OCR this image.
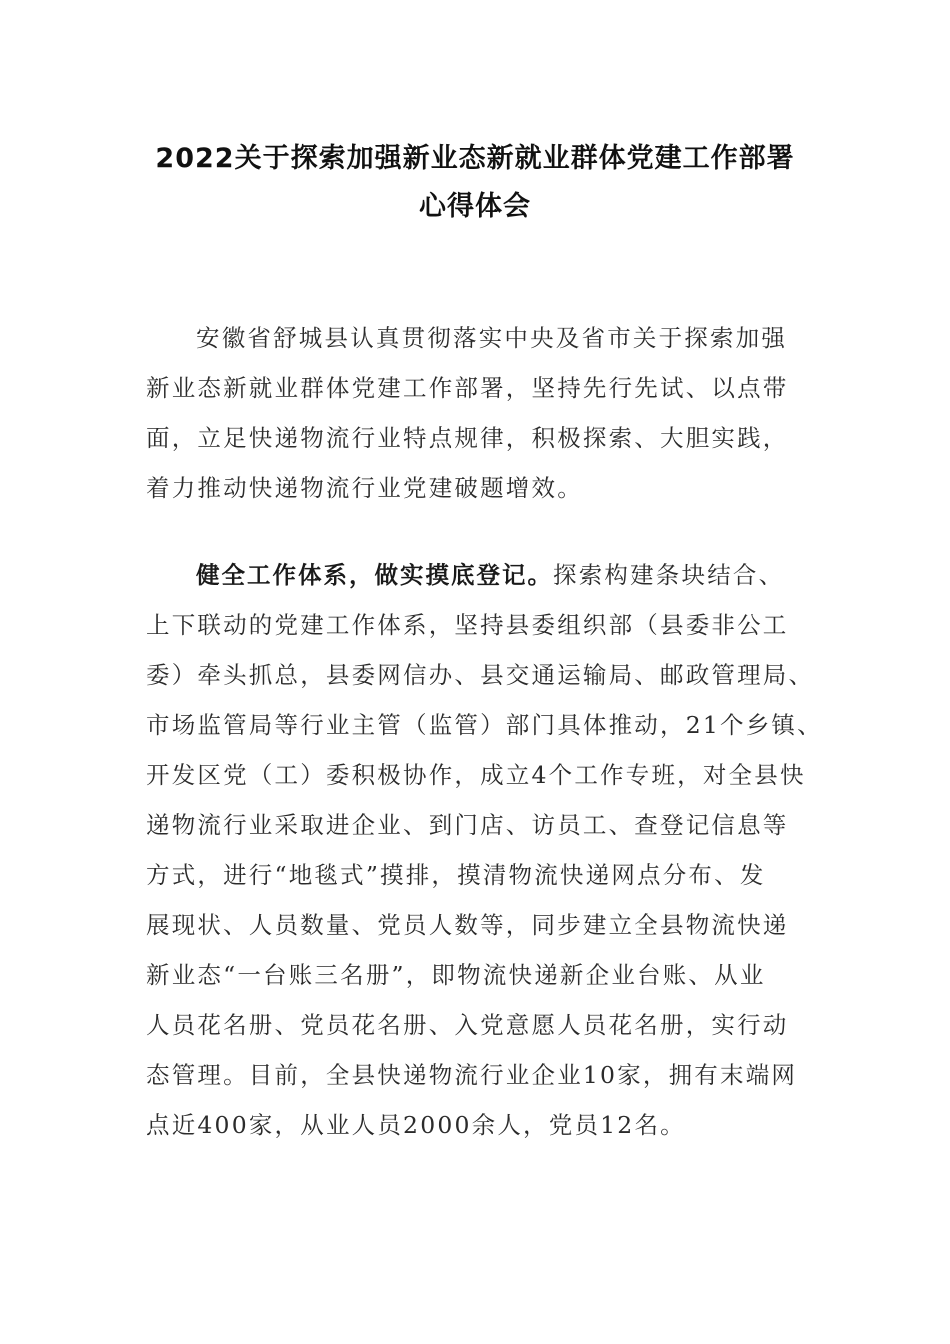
2022关于探索加强新业态新就业群体党建工作部署
心得体会
安徽省舒城县认真贯彻落实中央及省市关于探索加强
新业态新就业群体党建工作部署，坚持先行先试、以点带
面，立足快递物流行业特点规律，积极探索、大胆实践，
着力推动快递物流行业党建破题增效。
健全工作体系，做实摸底登记。探索构建条块结合、
上下联动的党建工作体系，坚持县委组织部（县委非公工
委）牵头抓总，县委网信办、县交通运输局、邮政管理局、
市场监管局等行业主管（监管）部门具体推动，21个乡镇、
开发区党（工）委积极协作，成立4个工作专班，对全县快
递物流行业采取进企业、到门店、访员工、查登记信息等
方式，进行“地毯式”摸排，摸清物流快递网点分布、发
展现状、人员数量、党员人数等，同步建立全县物流快递
新业态“一台账三名册”，即物流快递新企业台账、从业
人员花名册、党员花名册、入党意愿人员花名册，实行动
态管理。目前，全县快递物流行业企业10家，拥有末端网
点近400家，从业人员2000余人，党员12名。
